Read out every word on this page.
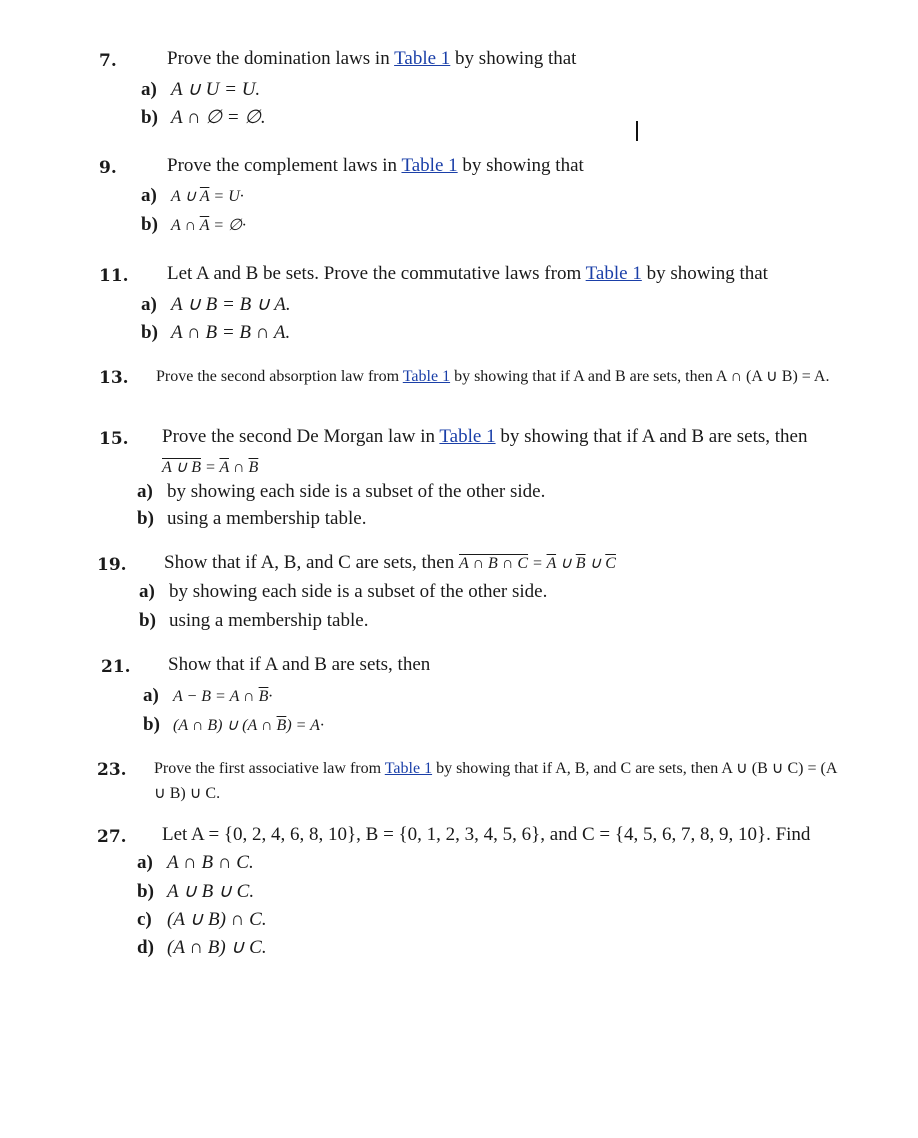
7.	Prove the domination laws in Table 1 by showing that
a) A ∪ U = U.
b) A ∩ ∅ = ∅.
9.	Prove the complement laws in Table 1 by showing that
a) A ∪ $\overline{A} = U\cdot$
b) A ∩ $\overline{A}$ = ∅·
11. Let A and B be sets. Prove the commutative laws from Table 1 by showing that
a) A ∪ B = B ∪ A.
b) A ∩ B = B ∩ A.
13. Prove the second absorption law from Table 1 by showing that if A and B are sets, then A ∩ (A ∪ B) = A.
15. Prove the second De Morgan law in Table 1 by showing that if A and B are sets, then
A ∪ $B = \overline{A}$ ∩ $\overline{B}$
a) by showing each side is a subset of the other side.
b) using a membership table.
19. Show that if A, B, and C are sets, then A ∩ B ∩ $C = \overline{A}$ ∪ $\overline{B}$ ∪ $\overline{C}$
a) by showing each side is a subset of the other side.
b) using a membership table.
21. Show that if A and B are sets, then
a) A − B = A ∩ $\overline{B}\cdot$
b) (A ∩ B) ∪ (A ∩ $\overline{B}) = A\cdot$
23. Prove the first associative law from Table 1 by showing that if A, B, and C are sets, then A ∪ (B ∪ C) = (A ∪ B) ∪ C.
27. Let A = {0, 2, 4, 6, 8, 10}, B = {0, 1, 2, 3, 4, 5, 6}, and C = {4, 5, 6, 7, 8, 9, 10}. Find
a) A ∩ B ∩ C.
b) A ∪ B ∪ C.
c) (A ∪ B) ∩ C.
d) (A ∩ B) ∪ C.
